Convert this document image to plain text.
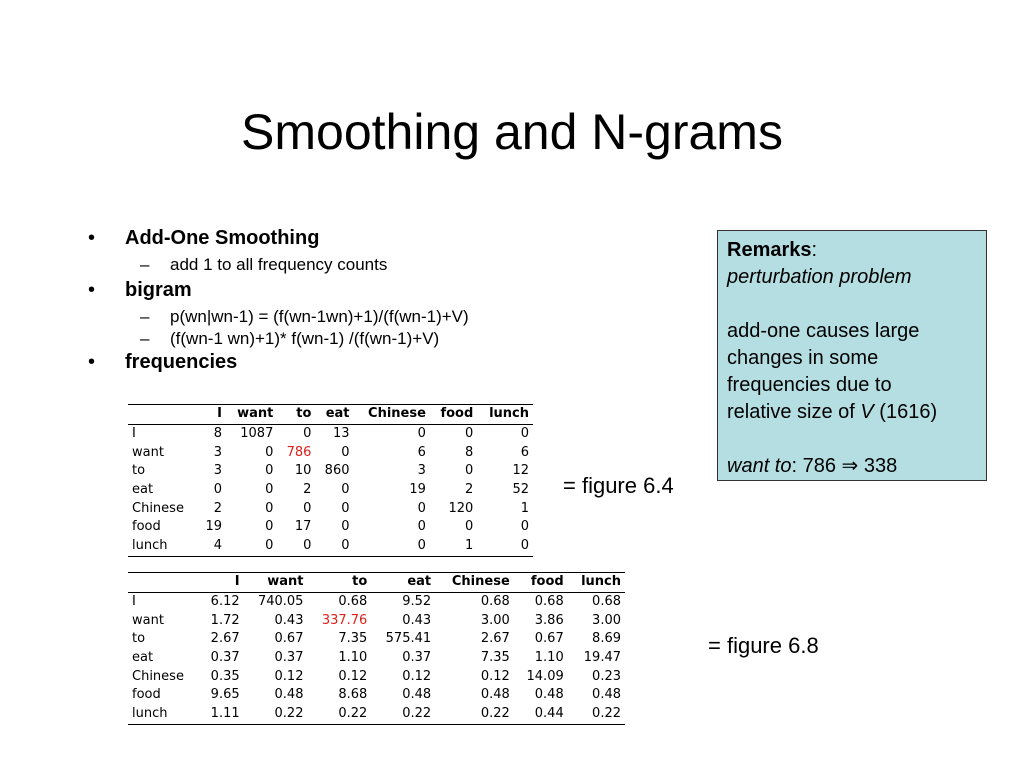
Smoothing and N-grams
• Add-One Smoothing
– add 1 to all frequency counts
• bigram
– p(wn|wn-1) = (f(wn-1wn)+1)/(f(wn-1)+V)
– (f(wn-1 wn)+1)* f(wn-1) /(f(wn-1)+V)
• frequencies
	I	want	to	eat	Chinese	food	lunch
I	8	1087	0	13	0	0	0
want	3	0	786	0	6	8	6
to	3	0	10	860	3	0	12
eat	0	0	2	0	19	2	52
Chinese	2	0	0	0	0	120	1
food	19	0	17	0	0	0	0
lunch	4	0	0	0	0	1	0
	I	want	to	eat	Chinese	food	lunch
I	6.12	740.05	0.68	9.52	0.68	0.68	0.68
want	1.72	0.43	337.76	0.43	3.00	3.86	3.00
to	2.67	0.67	7.35	575.41	2.67	0.67	8.69
eat	0.37	0.37	1.10	0.37	7.35	1.10	19.47
Chinese	0.35	0.12	0.12	0.12	0.12	14.09	0.23
food	9.65	0.48	8.68	0.48	0.48	0.48	0.48
lunch	1.11	0.22	0.22	0.22	0.22	0.44	0.22
= figure 6.4
= figure 6.8

Remarks:

perturbation problem

add-one causes large

changes in some

frequencies due to

relative size of V (1616)

want to: 786 ⇒ 338
